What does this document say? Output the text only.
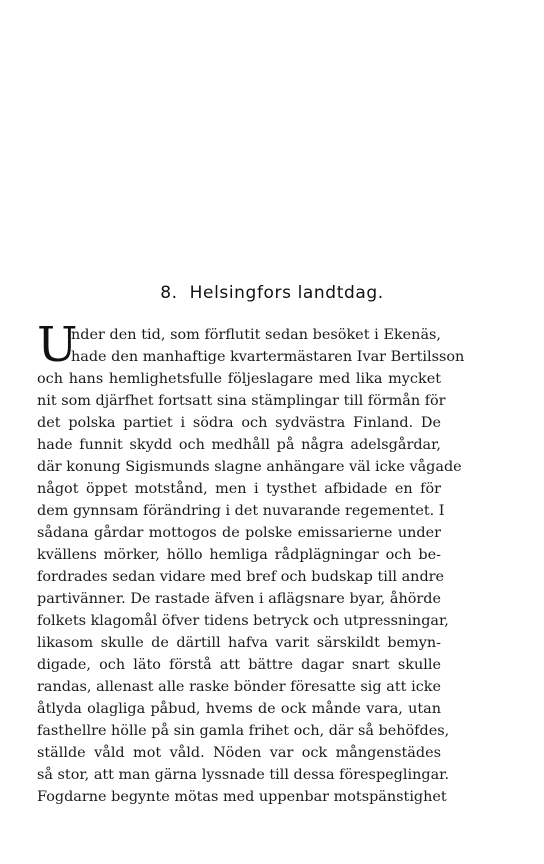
8. Helsingfors landtdag.
U
nder den tid, som förflutit sedan besöket i Ekenäs,
hade den manhaftige kvartermästaren Ivar Bertilsson
och hans hemlighetsfulle följeslagare med lika mycket
nit som djärfhet fortsatt sina stämplingar till förmån för
det polska partiet i södra och sydvästra Finland. De
hade funnit skydd och medhåll på några adelsgårdar,
där konung Sigismunds slagne anhängare väl icke vågade
något öppet motstånd, men i tysthet afbidade en för
dem gynnsam förändring i det nuvarande regementet. I
sådana gårdar mottogos de polske emissarierne under
kvällens mörker, höllo hemliga rådplägningar och be-
fordrades sedan vidare med bref och budskap till andre
partivänner. De rastade äfven i aflägsnare byar, åhörde
folkets klagomål öfver tidens betryck och utpressningar,
likasom skulle de därtill hafva varit särskildt bemyn-
digade, och läto förstå att bättre dagar snart skulle
randas, allenast alle raske bönder föresatte sig att icke
åtlyda olagliga påbud, hvems de ock månde vara, utan
fasthellre hölle på sin gamla frihet och, där så behöfdes,
ställde våld mot våld. Nöden var ock mångenstädes
så stor, att man gärna lyssnade till dessa förespeglingar.
Fogdarne begynte mötas med uppenbar motspänstighet
